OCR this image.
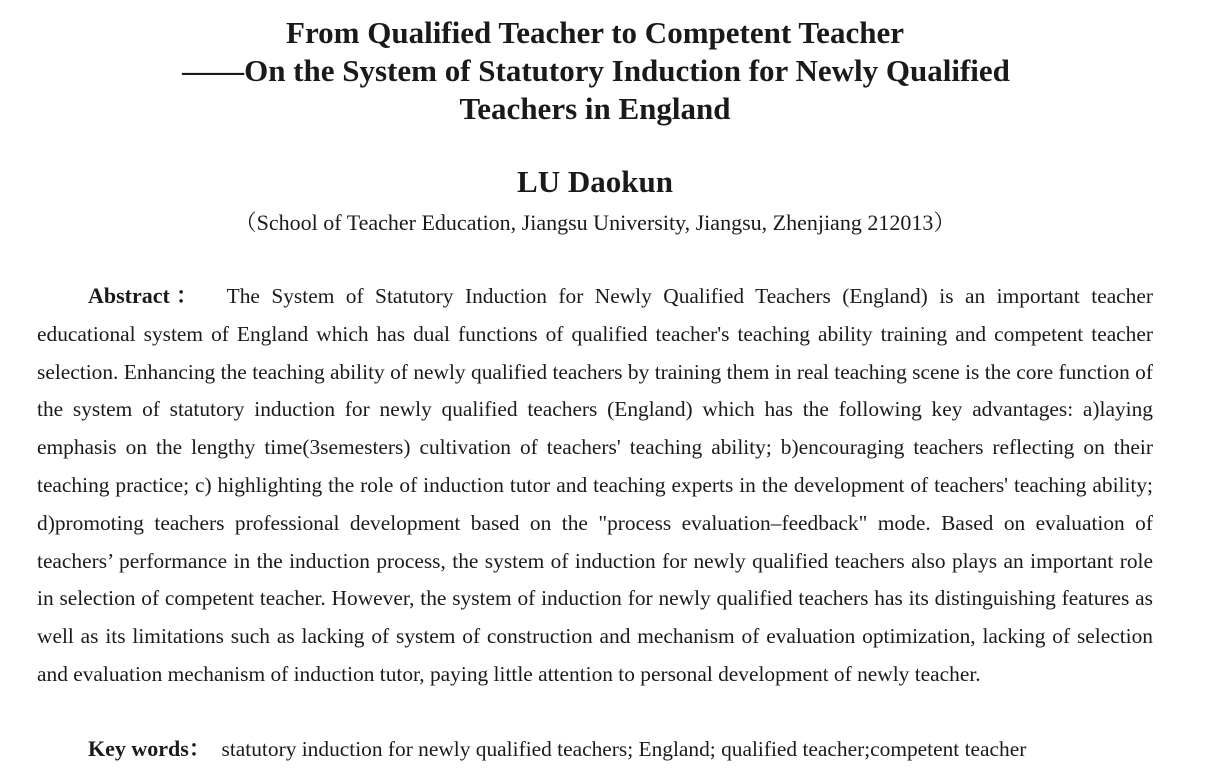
From Qualified Teacher to Competent Teacher
——On the System of Statutory Induction for Newly Qualified
Teachers in England
LU Daokun
（School of Teacher Education, Jiangsu University, Jiangsu, Zhenjiang 212013）

Abstract： The System of Statutory Induction for Newly Qualified Teachers (England) is an important teacher educational system of England which has dual functions of qualified teacher's teaching ability training and competent teacher selection. Enhancing the teaching ability of newly qualified teachers by training them in real teaching scene is the core function of the system of statutory induction for newly qualified teachers (England) which has the following key advantages: a)laying emphasis on the lengthy time(3semesters) cultivation of teachers' teaching ability; b)encouraging teachers reflecting on their teaching practice; c) highlighting the role of induction tutor and teaching experts in the development of teachers' teaching ability; d)promoting teachers professional development based on the "process evaluation–feedback" mode. Based on evaluation of teachers’ performance in the induction process, the system of induction for newly qualified teachers also plays an important role in selection of competent teacher. However, the system of induction for newly qualified teachers has its distinguishing features as well as its limitations such as lacking of system of construction and mechanism of evaluation optimization, lacking of selection and evaluation mechanism of induction tutor, paying little attention to personal development of newly teacher.

Key words： statutory induction for newly qualified teachers; England; qualified teacher;competent teacher
